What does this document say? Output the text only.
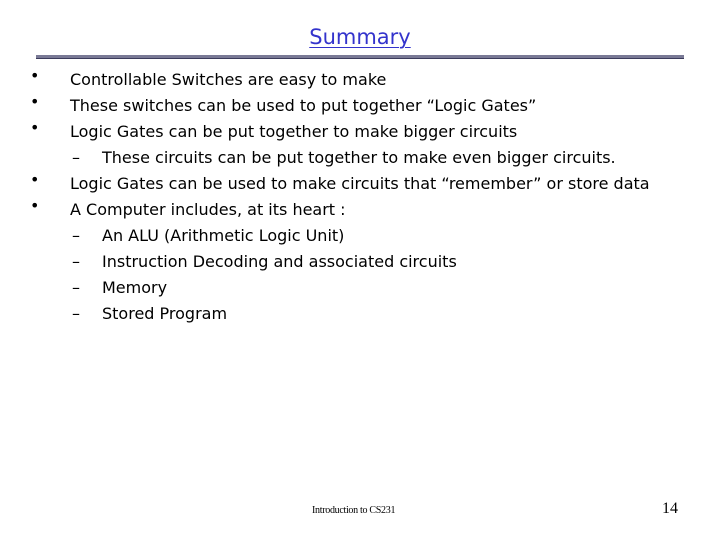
Summary
• Controllable Switches are easy to make
• These switches can be used to put together “Logic Gates”
• Logic Gates can be put together to make bigger circuits
– These circuits can be put together to make even bigger circuits.
• Logic Gates can be used to make circuits that “remember” or store data
• A Computer includes, at its heart :
– An ALU (Arithmetic Logic Unit)
– Instruction Decoding and associated circuits
– Memory
– Stored Program
Introduction to CS231	14
